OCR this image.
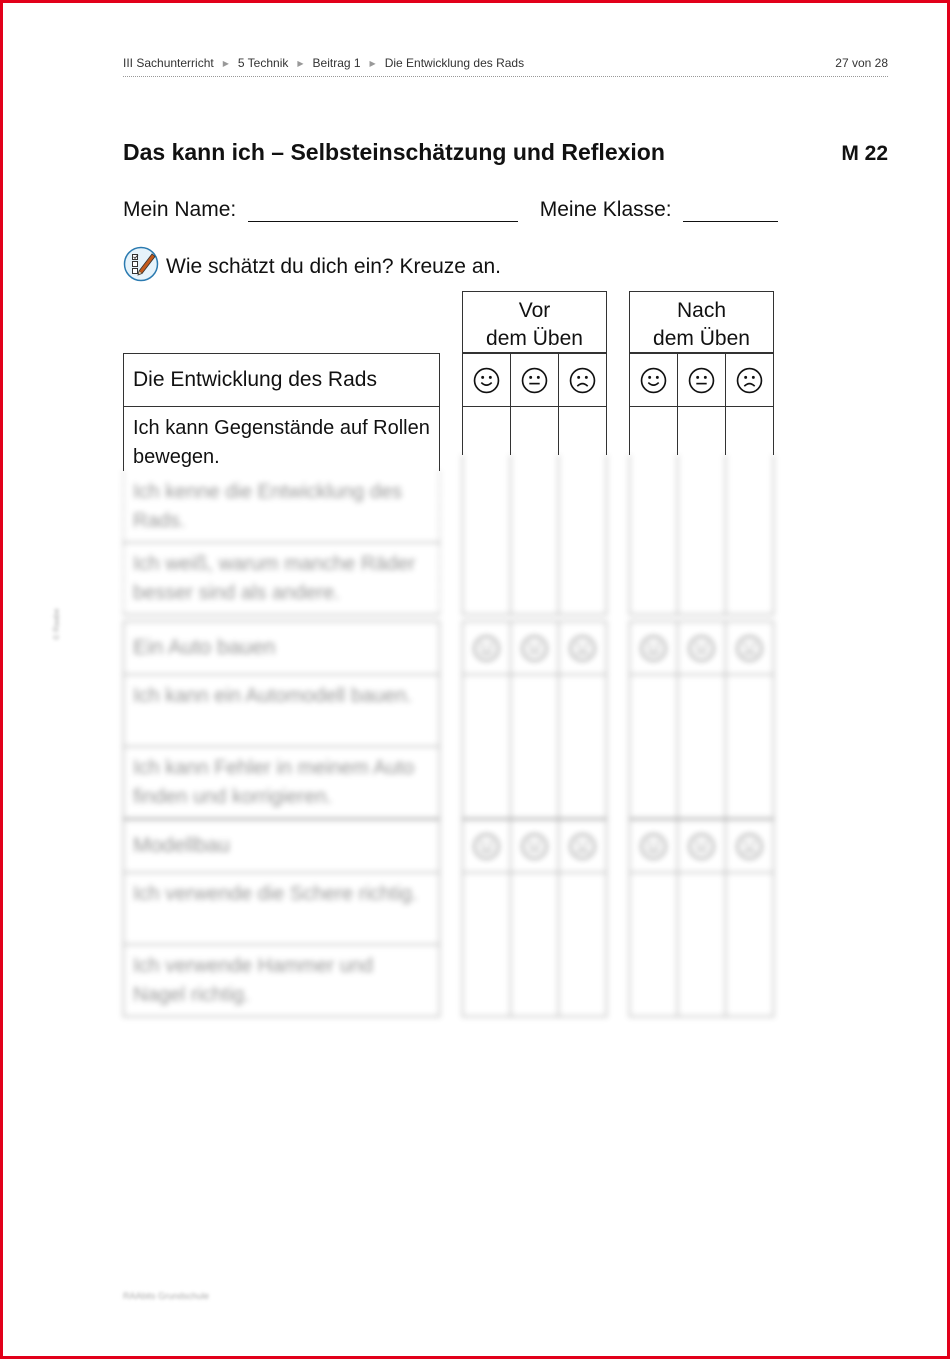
III Sachunterricht ▶ 5 Technik ▶ Beitrag 1 ▶ Die Entwicklung des Rads	27 von 28
Das kann ich – Selbsteinschätzung und Reflexion	M 22
Mein Name:	Meine Klasse:
Wie schätzt du dich ein? Kreuze an.
Vor
dem Üben
Nach
dem Üben
Die Entwicklung des Rads
Ich kann Gegenstände auf Rollen bewegen.
Ich kenne die Entwicklung des Rads.
Ich weiß, warum manche Räder besser sind als andere.
Ein Auto bauen
Ich kann ein Automodell bauen.
Ich kann Fehler in meinem Auto finden und korrigieren.
Modellbau
Ich verwende die Schere richtig.
Ich verwende Hammer und Nagel richtig.
RAAbits Grundschule
© Raabe
